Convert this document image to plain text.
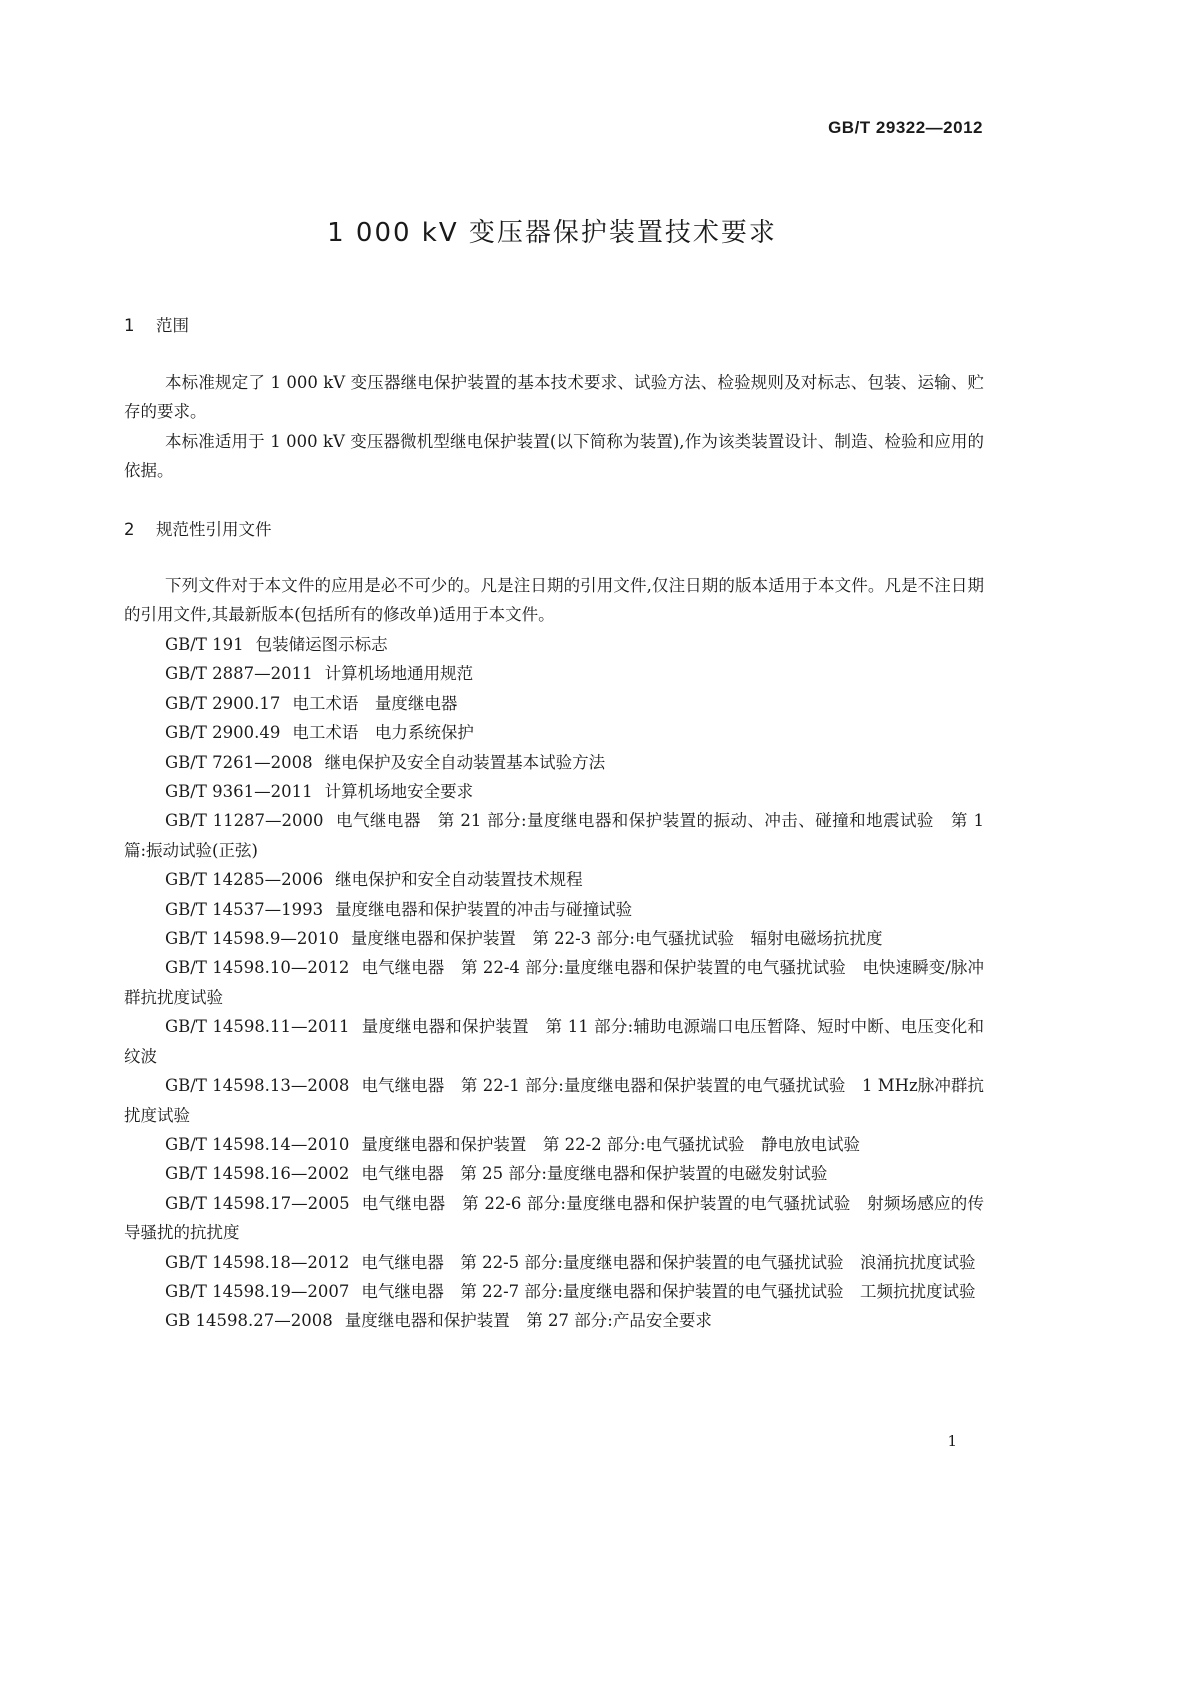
GB/T 29322—2012
1 000 kV 变压器保护装置技术要求
1 范围
本标准规定了 1 000 kV 变压器继电保护装置的基本技术要求、试验方法、检验规则及对标志、包装、运输、贮存的要求。
本标准适用于 1 000 kV 变压器微机型继电保护装置(以下简称为装置),作为该类装置设计、制造、检验和应用的依据。
2 规范性引用文件
下列文件对于本文件的应用是必不可少的。凡是注日期的引用文件,仅注日期的版本适用于本文件。凡是不注日期的引用文件,其最新版本(包括所有的修改单)适用于本文件。
GB/T 191 包装储运图示标志
GB/T 2887—2011 计算机场地通用规范
GB/T 2900.17 电工术语　量度继电器
GB/T 2900.49 电工术语　电力系统保护
GB/T 7261—2008 继电保护及安全自动装置基本试验方法
GB/T 9361—2011 计算机场地安全要求
GB/T 11287—2000 电气继电器　第 21 部分:量度继电器和保护装置的振动、冲击、碰撞和地震试验　第 1 篇:振动试验(正弦)
GB/T 14285—2006 继电保护和安全自动装置技术规程
GB/T 14537—1993 量度继电器和保护装置的冲击与碰撞试验
GB/T 14598.9—2010 量度继电器和保护装置　第 22-3 部分:电气骚扰试验　辐射电磁场抗扰度
GB/T 14598.10—2012 电气继电器　第 22-4 部分:量度继电器和保护装置的电气骚扰试验　电快速瞬变/脉冲群抗扰度试验
GB/T 14598.11—2011 量度继电器和保护装置　第 11 部分:辅助电源端口电压暂降、短时中断、电压变化和纹波
GB/T 14598.13—2008 电气继电器　第 22-1 部分:量度继电器和保护装置的电气骚扰试验　1 MHz脉冲群抗扰度试验
GB/T 14598.14—2010 量度继电器和保护装置　第 22-2 部分:电气骚扰试验　静电放电试验
GB/T 14598.16—2002 电气继电器　第 25 部分:量度继电器和保护装置的电磁发射试验
GB/T 14598.17—2005 电气继电器　第 22-6 部分:量度继电器和保护装置的电气骚扰试验　射频场感应的传导骚扰的抗扰度
GB/T 14598.18—2012 电气继电器　第 22-5 部分:量度继电器和保护装置的电气骚扰试验　浪涌抗扰度试验
GB/T 14598.19—2007 电气继电器　第 22-7 部分:量度继电器和保护装置的电气骚扰试验　工频抗扰度试验
GB 14598.27—2008 量度继电器和保护装置　第 27 部分:产品安全要求
1
